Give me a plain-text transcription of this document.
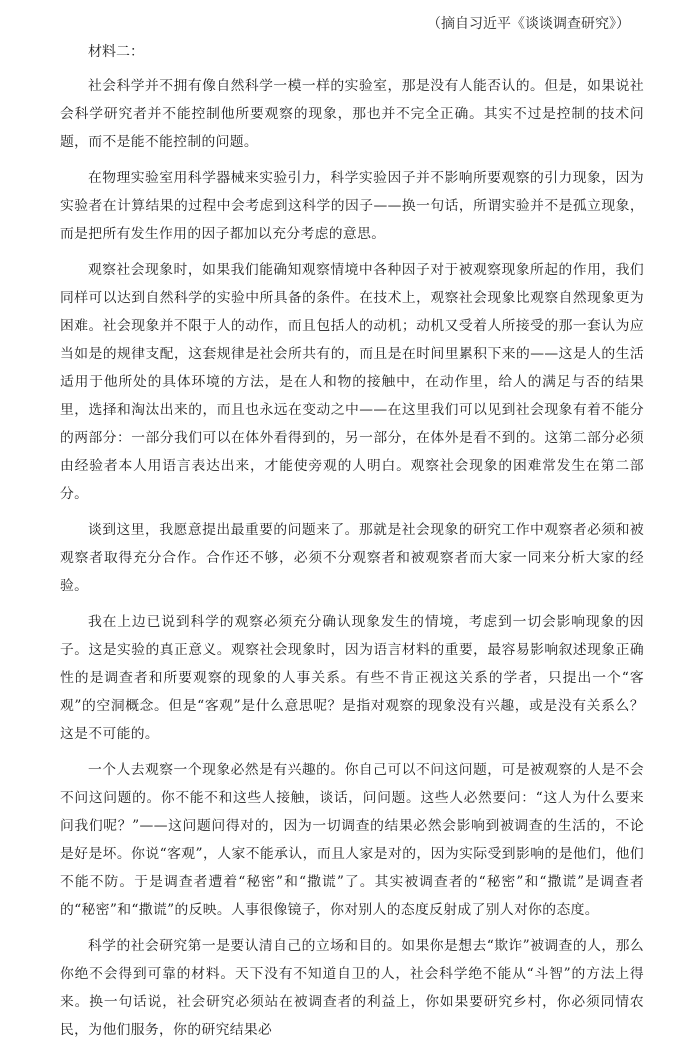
（摘自习近平《谈谈调查研究》）
材料二：

社会科学并不拥有像自然科学一模一样的实验室，那是没有人能否认的。但是，如果说社会科学研究者并不能控制他所要观察的现象，那也并不完全正确。其实不过是控制的技术问题，而不是能不能控制的问题。

在物理实验室用科学器械来实验引力，科学实验因子并不影响所要观察的引力现象，因为实验者在计算结果的过程中会考虑到这科学的因子——换一句话，所谓实验并不是孤立现象，而是把所有发生作用的因子都加以充分考虑的意思。

观察社会现象时，如果我们能确知观察情境中各种因子对于被观察现象所起的作用，我们同样可以达到自然科学的实验中所具备的条件。在技术上，观察社会现象比观察自然现象更为困难。社会现象并不限于人的动作，而且包括人的动机；动机又受着人所接受的那一套认为应当如是的规律支配，这套规律是社会所共有的，而且是在时间里累积下来的——这是人的生活适用于他所处的具体环境的方法，是在人和物的接触中，在动作里，给人的满足与否的结果里，选择和淘汰出来的，而且也永远在变动之中——在这里我们可以见到社会现象有着不能分的两部分：一部分我们可以在体外看得到的，另一部分，在体外是看不到的。这第二部分必须由经验者本人用语言表达出来，才能使旁观的人明白。观察社会现象的困难常发生在第二部分。

谈到这里，我愿意提出最重要的问题来了。那就是社会现象的研究工作中观察者必须和被观察者取得充分合作。合作还不够，必须不分观察者和被观察者而大家一同来分析大家的经验。

我在上边已说到科学的观察必须充分确认现象发生的情境，考虑到一切会影响现象的因子。这是实验的真正意义。观察社会现象时，因为语言材料的重要，最容易影响叙述现象正确性的是调查者和所要观察的现象的人事关系。有些不肯正视这关系的学者，只提出一个“客观”的空洞概念。但是“客观”是什么意思呢？是指对观察的现象没有兴趣，或是没有关系么？这是不可能的。

一个人去观察一个现象必然是有兴趣的。你自己可以不问这问题，可是被观察的人是不会不问这问题的。你不能不和这些人接触，谈话，问问题。这些人必然要问：“这人为什么要来问我们呢？”——这问题问得对的，因为一切调查的结果必然会影响到被调查的生活的，不论是好是坏。你说“客观”，人家不能承认，而且人家是对的，因为实际受到影响的是他们，他们不能不防。于是调查者遭着“秘密”和“撒谎”了。其实被调查者的“秘密”和“撒谎”是调查者的“秘密”和“撒谎”的反映。人事很像镜子，你对别人的态度反射成了别人对你的态度。

科学的社会研究第一是要认清自己的立场和目的。如果你是想去“欺诈”被调查的人，那么你绝不会得到可靠的材料。天下没有不知道自卫的人，社会科学绝不能从“斗智”的方法上得来。换一句话说，社会研究必须站在被调查者的利益上，你如果要研究乡村，你必须同情农民，为他们服务，你的研究结果必
